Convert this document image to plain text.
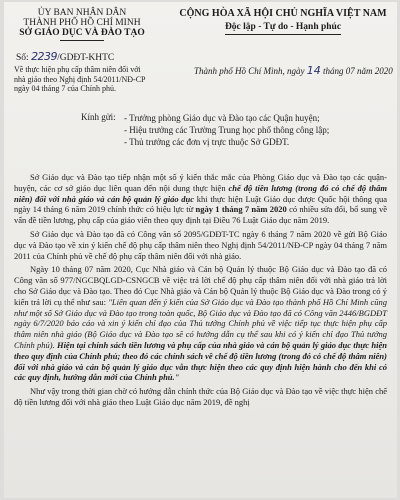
ỦY BAN NHÂN DÂN
THÀNH PHỐ HỒ CHÍ MINH
SỞ GIÁO DỤC VÀ ĐÀO TẠO
CỘNG HÒA XÃ HỘI CHỦ NGHĨA VIỆT NAM
Độc lập - Tự do - Hạnh phúc
Số: 2239/GDĐT-KHTC
Về thực hiện phụ cấp thâm niên đối với nhà giáo theo Nghị định 54/2011/NĐ-CP ngày 04 tháng 7 của Chính phủ.
Thành phố Hồ Chí Minh, ngày 14 tháng 07 năm 2020
Kính gửi: - Trưởng phòng Giáo dục và Đào tạo các Quận huyện;
- Hiệu trưởng các Trường Trung học phổ thông công lập;
- Thủ trưởng các đơn vị trực thuộc Sở GDĐT.

Sở Giáo dục và Đào tạo tiếp nhận một số ý kiến thắc mắc của Phòng Giáo dục và Đào tạo các quận-huyện, các cơ sở giáo dục liên quan đến nội dung thực hiện chế độ tiền lương (trong đó có chế độ thâm niên) đối với nhà giáo và cán bộ quản lý giáo dục khi thực hiện Luật Giáo dục được Quốc hội thông qua ngày 14 tháng 6 năm 2019 chính thức có hiệu lực từ ngày 1 tháng 7 năm 2020 có nhiều sửa đổi, bổ sung về vấn đề tiền lương, phụ cấp của giáo viên theo quy định tại Điều 76 Luật Giáo dục năm 2019.

Sở Giáo dục và Đào tạo đã có Công văn số 2095/GDĐT-TC ngày 6 tháng 7 năm 2020 về gửi Bộ Giáo dục và Đào tạo về xin ý kiến chế độ phụ cấp thâm niên theo Nghị định 54/2011/NĐ-CP ngày 04 tháng 7 năm 2011 của Chính phủ về chế độ phụ cấp thâm niên đối với nhà giáo.

Ngày 10 tháng 07 năm 2020, Cục Nhà giáo và Cán bộ Quản lý thuộc Bộ Giáo dục và Đào tạo đã có Công văn số 977/NGCBQLGD-CSNGCB về việc trả lời chế độ phụ cấp thâm niên đối với nhà giáo trả lời cho Sở Giáo dục và Đào tạo. Theo đó Cục Nhà giáo và Cán bộ Quản lý thuộc Bộ Giáo dục và Đào trong có ý kiến trả lời cụ thể như sau: "Liên quan đến ý kiến của Sở Giáo dục và Đào tạo thành phố Hồ Chí Minh cũng như một số Sở Giáo dục và Đào tạo trong toàn quốc, Bộ Giáo dục và Đào tạo đã có Công văn 2446/BGDĐT ngày 6/7/2020 báo cáo và xin ý kiến chỉ đạo của Thủ tướng Chính phủ về việc tiếp tục thực hiện phụ cấp thâm niên nhà giáo (Bộ Giáo dục và Đào tạo sẽ có hướng dẫn cụ thể sau khi có ý kiến chỉ đạo Thủ tướng Chính phủ). Hiện tại chính sách tiền lương và phụ cấp của nhà giáo và cán bộ quản lý giáo dục thực hiện theo quy định của Chính phủ; theo đó các chính sách về chế độ tiền lương (trong đó có chế độ thâm niên) đối với nhà giáo và cán bộ quản lý giáo dục vẫn thực hiện theo các quy định hiện hành cho đến khi có các quy định, hướng dẫn mới của Chính phủ."

Như vậy trong thời gian chờ có hướng dẫn chính thức của Bộ Giáo dục và Đào tạo về việc thực hiện chế độ tiền lương đối với nhà giáo theo Luật Giáo dục năm 2019, đề nghị
